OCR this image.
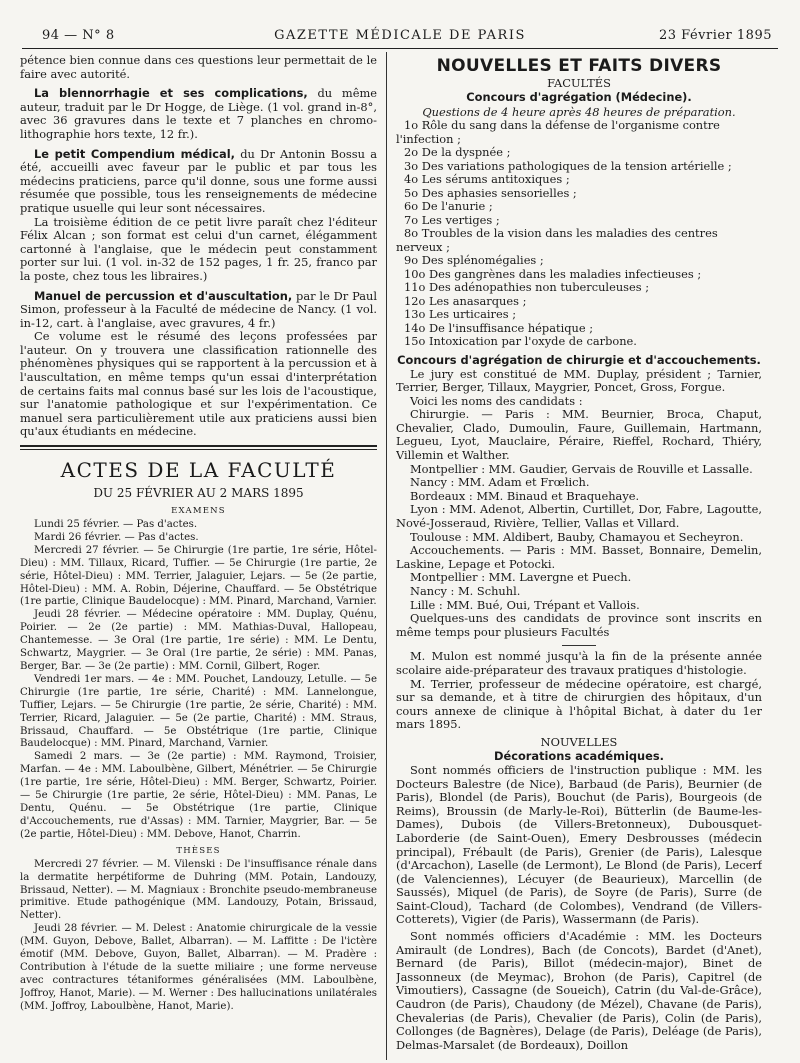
94 — N° 8	GAZETTE MÉDICALE DE PARIS	23 Février 1895

pétence bien connue dans ces questions leur permettait de le faire avec autorité.

La blennorrhagie et ses complications, du même auteur, traduit par le Dr Hogge, de Liège. (1 vol. grand in-8°, avec 36 gravures dans le texte et 7 planches en chromo-lithographie hors texte, 12 fr.).

Le petit Compendium médical, du Dr Antonin Bossu a été, accueilli avec faveur par le public et par tous les médecins praticiens, parce qu'il donne, sous une forme aussi résumée que possible, tous les renseignements de médecine pratique usuelle qui leur sont nécessaires.

La troisième édition de ce petit livre paraît chez l'éditeur Félix Alcan ; son format est celui d'un carnet, élégamment cartonné à l'anglaise, que le médecin peut constamment porter sur lui. (1 vol. in-32 de 152 pages, 1 fr. 25, franco par la poste, chez tous les libraires.)

Manuel de percussion et d'auscultation, par le Dr Paul Simon, professeur à la Faculté de médecine de Nancy. (1 vol. in-12, cart. à l'anglaise, avec gravures, 4 fr.)

Ce volume est le résumé des leçons professées par l'auteur. On y trouvera une classification rationnelle des phénomènes physiques qui se rapportent à la percussion et à l'auscultation, en même temps qu'un essai d'interprétation de certains faits mal connus basé sur les lois de l'acoustique, sur l'anatomie pathologique et sur l'expérimentation. Ce manuel sera particulièrement utile aux praticiens aussi bien qu'aux étudiants en médecine.

ACTES DE LA FACULTÉ
DU 25 FÉVRIER AU 2 MARS 1895
EXAMENS

Lundi 25 février. — Pas d'actes.

Mardi 26 février. — Pas d'actes.

Mercredi 27 février. — 5e Chirurgie (1re partie, 1re série, Hôtel-Dieu) : MM. Tillaux, Ricard, Tuffier. — 5e Chirurgie (1re partie, 2e série, Hôtel-Dieu) : MM. Terrier, Jalaguier, Lejars. — 5e (2e partie, Hôtel-Dieu) : MM. A. Robin, Déjerine, Chauffard. — 5e Obstétrique (1re partie, Clinique Baudelocque) : MM. Pinard, Marchand, Varnier.

Jeudi 28 février. — Médecine opératoire : MM. Duplay, Quénu, Poirier. — 2e (2e partie) : MM. Mathias-Duval, Hallopeau, Chantemesse. — 3e Oral (1re partie, 1re série) : MM. Le Dentu, Schwartz, Maygrier. — 3e Oral (1re partie, 2e série) : MM. Panas, Berger, Bar. — 3e (2e partie) : MM. Cornil, Gilbert, Roger.

Vendredi 1er mars. — 4e : MM. Pouchet, Landouzy, Letulle. — 5e Chirurgie (1re partie, 1re série, Charité) : MM. Lannelongue, Tuffier, Lejars. — 5e Chirurgie (1re partie, 2e série, Charité) : MM. Terrier, Ricard, Jalaguier. — 5e (2e partie, Charité) : MM. Straus, Brissaud, Chauffard. — 5e Obstétrique (1re partie, Clinique Baudelocque) : MM. Pinard, Marchand, Varnier.

Samedi 2 mars. — 3e (2e partie) : MM. Raymond, Troisier, Marfan. — 4e : MM. Laboulbène, Gilbert, Ménétrier. — 5e Chirurgie (1re partie, 1re série, Hôtel-Dieu) : MM. Berger, Schwartz, Poirier. — 5e Chirurgie (1re partie, 2e série, Hôtel-Dieu) : MM. Panas, Le Dentu, Quénu. — 5e Obstétrique (1re partie, Clinique d'Accouchements, rue d'Assas) : MM. Tarnier, Maygrier, Bar. — 5e (2e partie, Hôtel-Dieu) : MM. Debove, Hanot, Charrin.

THÈSES

Mercredi 27 février. — M. Vilenski : De l'insuffisance rénale dans la dermatite herpétiforme de Duhring (MM. Potain, Landouzy, Brissaud, Netter). — M. Magniaux : Bronchite pseudo-membraneuse primitive. Etude pathogénique (MM. Landouzy, Potain, Brissaud, Netter).

Jeudi 28 février. — M. Delest : Anatomie chirurgicale de la vessie (MM. Guyon, Debove, Ballet, Albarran). — M. Laffitte : De l'ictère émotif (MM. Debove, Guyon, Ballet, Albarran). — M. Pradère : Contribution à l'étude de la suette miliaire ; une forme nerveuse avec contractures tétaniformes généralisées (MM. Laboulbène, Joffroy, Hanot, Marie). — M. Werner : Des hallucinations unilatérales (MM. Joffroy, Laboulbène, Hanot, Marie).

NOUVELLES ET FAITS DIVERS
FACULTÉS
Concours d'agrégation (Médecine).
Questions de 4 heure après 48 heures de préparation.

1o Rôle du sang dans la défense de l'organisme contre l'infection ;

2o De la dyspnée ;

3o Des variations pathologiques de la tension artérielle ;

4o Les sérums antitoxiques ;

5o Des aphasies sensorielles ;

6o De l'anurie ;

7o Les vertiges ;

8o Troubles de la vision dans les maladies des centres nerveux ;

9o Des splénomégalies ;

10o Des gangrènes dans les maladies infectieuses ;

11o Des adénopathies non tuberculeuses ;

12o Les anasarques ;

13o Les urticaires ;

14o De l'insuffisance hépatique ;

15o Intoxication par l'oxyde de carbone.

Concours d'agrégation de chirurgie et d'accouchements.

Le jury est constitué de MM. Duplay, président ; Tarnier, Terrier, Berger, Tillaux, Maygrier, Poncet, Gross, Forgue.

Voici les noms des candidats :

Chirurgie. — Paris : MM. Beurnier, Broca, Chaput, Chevalier, Clado, Dumoulin, Faure, Guillemain, Hartmann, Legueu, Lyot, Mauclaire, Péraire, Rieffel, Rochard, Thiéry, Villemin et Walther.

Montpellier : MM. Gaudier, Gervais de Rouville et Lassalle.

Nancy : MM. Adam et Frœlich.

Bordeaux : MM. Binaud et Braquehaye.

Lyon : MM. Adenot, Albertin, Curtillet, Dor, Fabre, Lagoutte, Nové-Josseraud, Rivière, Tellier, Vallas et Villard.

Toulouse : MM. Aldibert, Bauby, Chamayou et Secheyron.

Accouchements. — Paris : MM. Basset, Bonnaire, Demelin, Laskine, Lepage et Potocki.

Montpellier : MM. Lavergne et Puech.

Nancy : M. Schuhl.

Lille : MM. Bué, Oui, Trépant et Vallois.

Quelques-uns des candidats de province sont inscrits en même temps pour plusieurs Facultés

M. Mulon est nommé jusqu'à la fin de la présente année scolaire aide-préparateur des travaux pratiques d'histologie.

M. Terrier, professeur de médecine opératoire, est chargé, sur sa demande, et à titre de chirurgien des hôpitaux, d'un cours annexe de clinique à l'hôpital Bichat, à dater du 1er mars 1895.

NOUVELLES
Décorations académiques.

Sont nommés officiers de l'instruction publique : MM. les Docteurs Balestre (de Nice), Barbaud (de Paris), Beurnier (de Paris), Blondel (de Paris), Bouchut (de Paris), Bourgeois (de Reims), Broussin (de Marly-le-Roi), Bütterlin (de Baume-les-Dames), Dubois (de Villers-Bretonneux), Dubousquet-Laborderie (de Saint-Ouen), Emery Desbrousses (médecin principal), Frébault (de Paris), Grenier (de Paris), Lalesque (d'Arcachon), Laselle (de Lermont), Le Blond (de Paris), Lecerf (de Valenciennes), Lécuyer (de Beaurieux), Marcellin (de Saussés), Miquel (de Paris), de Soyre (de Paris), Surre (de Saint-Cloud), Tachard (de Colombes), Vendrand (de Villers-Cotterets), Vigier (de Paris), Wassermann (de Paris).

Sont nommés officiers d'Académie : MM. les Docteurs Amirault (de Londres), Bach (de Concots), Bardet (d'Anet), Bernard (de Paris), Billot (médecin-major), Binet de Jassonneux (de Meymac), Brohon (de Paris), Capitrel (de Vimoutiers), Cassagne (de Soueich), Catrin (du Val-de-Grâce), Caudron (de Paris), Chaudony (de Mézel), Chavane (de Paris), Chevalerias (de Paris), Chevalier (de Paris), Colin (de Paris), Collonges (de Bagnères), Delage (de Paris), Deléage (de Paris), Delmas-Marsalet (de Bordeaux), Doillon
